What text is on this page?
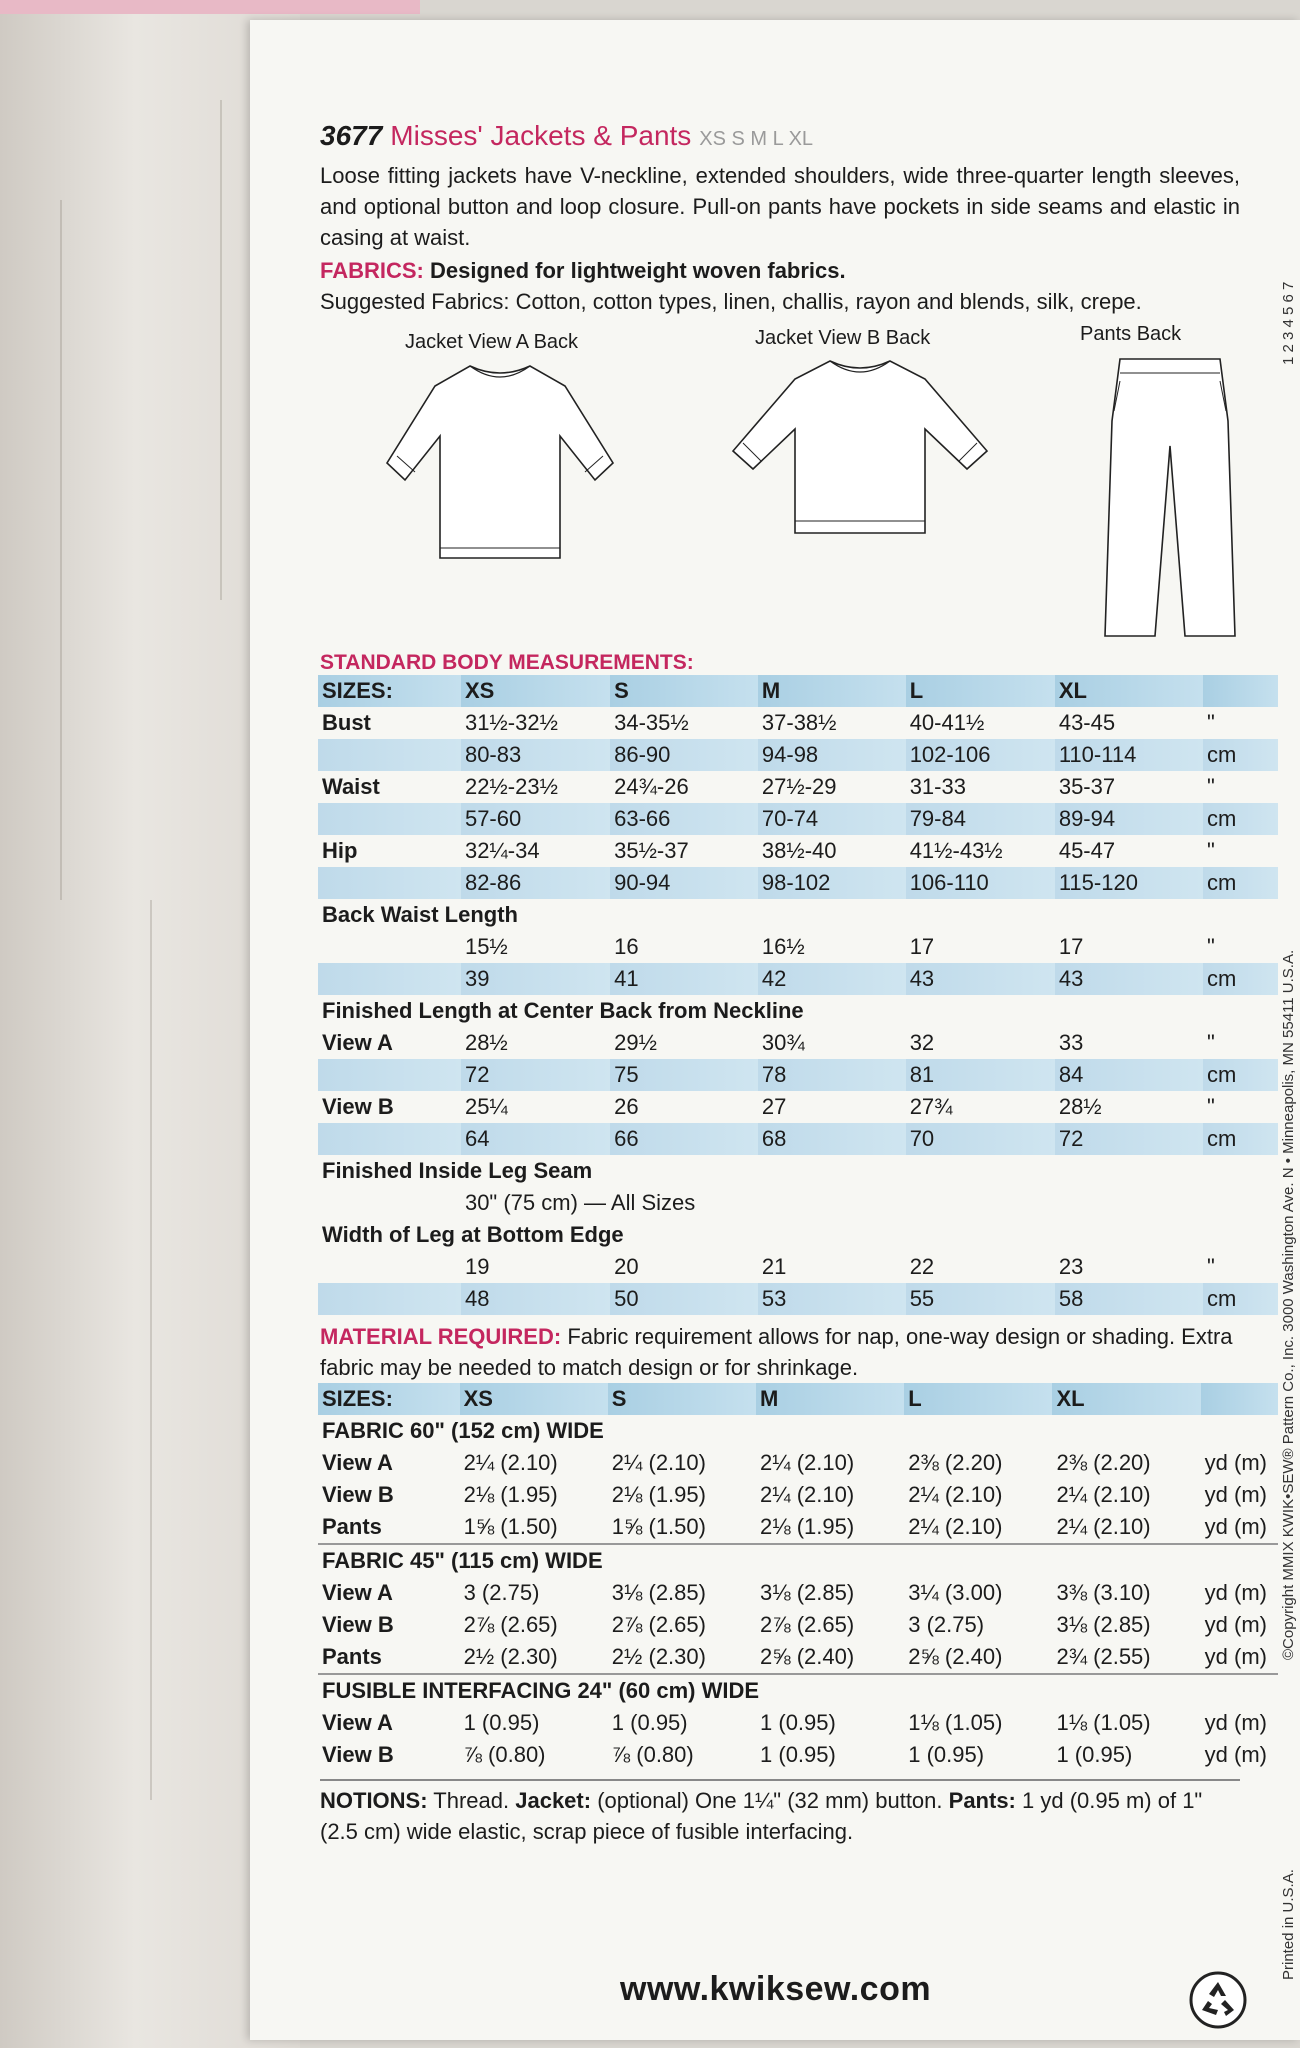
3677 Misses' Jackets & Pants XS S M L XL
Loose fitting jackets have V-neckline, extended shoulders, wide three-quarter length sleeves, and optional button and loop closure. Pull-on pants have pockets in side seams and elastic in casing at waist.
FABRICS: Designed for lightweight woven fabrics.
Suggested Fabrics: Cotton, cotton types, linen, challis, rayon and blends, silk, crepe.
Jacket View A Back	Jacket View B Back	Pants Back
STANDARD BODY MEASUREMENTS:
SIZES:	XS	S	M	L	XL	
Bust	31½-32½	34-35½	37-38½	40-41½	43-45	"
	80-83	86-90	94-98	102-106	110-114	cm
Waist	22½-23½	24¾-26	27½-29	31-33	35-37	"
	57-60	63-66	70-74	79-84	89-94	cm
Hip	32¼-34	35½-37	38½-40	41½-43½	45-47	"
	82-86	90-94	98-102	106-110	115-120	cm
Back Waist Length						
	15½	16	16½	17	17	"
	39	41	42	43	43	cm
Finished Length at Center Back from Neckline						
View A	28½	29½	30¾	32	33	"
	72	75	78	81	84	cm
View B	25¼	26	27	27¾	28½	"
	64	66	68	70	72	cm
Finished Inside Leg Seam						
	30" (75 cm) — All Sizes					
Width of Leg at Bottom Edge						
	19	20	21	22	23	"
	48	50	53	55	58	cm
MATERIAL REQUIRED: Fabric requirement allows for nap, one-way design or shading. Extra fabric may be needed to match design or for shrinkage.
SIZES:	XS	S	M	L	XL	
FABRIC 60" (152 cm) WIDE						
View A	2¼ (2.10)	2¼ (2.10)	2¼ (2.10)	2⅜ (2.20)	2⅜ (2.20)	yd (m)
View B	2⅛ (1.95)	2⅛ (1.95)	2¼ (2.10)	2¼ (2.10)	2¼ (2.10)	yd (m)
Pants	1⅝ (1.50)	1⅝ (1.50)	2⅛ (1.95)	2¼ (2.10)	2¼ (2.10)	yd (m)
FABRIC 45" (115 cm) WIDE						
View A	3 (2.75)	3⅛ (2.85)	3⅛ (2.85)	3¼ (3.00)	3⅜ (3.10)	yd (m)
View B	2⅞ (2.65)	2⅞ (2.65)	2⅞ (2.65)	3 (2.75)	3⅛ (2.85)	yd (m)
Pants	2½ (2.30)	2½ (2.30)	2⅝ (2.40)	2⅝ (2.40)	2¾ (2.55)	yd (m)
FUSIBLE INTERFACING 24" (60 cm) WIDE						
View A	1 (0.95)	1 (0.95)	1 (0.95)	1⅛ (1.05)	1⅛ (1.05)	yd (m)
View B	⅞ (0.80)	⅞ (0.80)	1 (0.95)	1 (0.95)	1 (0.95)	yd (m)
NOTIONS: Thread. Jacket: (optional) One 1¼" (32 mm) button. Pants: 1 yd (0.95 m) of 1" (2.5 cm) wide elastic, scrap piece of fusible interfacing.
www.kwiksew.com
©Copyright MMIX KWIK•SEW® Pattern Co., Inc. 3000 Washington Ave. N • Minneapolis, MN 55411 U.S.A.
Printed in U.S.A.
1 2 3 4 5 6 7
